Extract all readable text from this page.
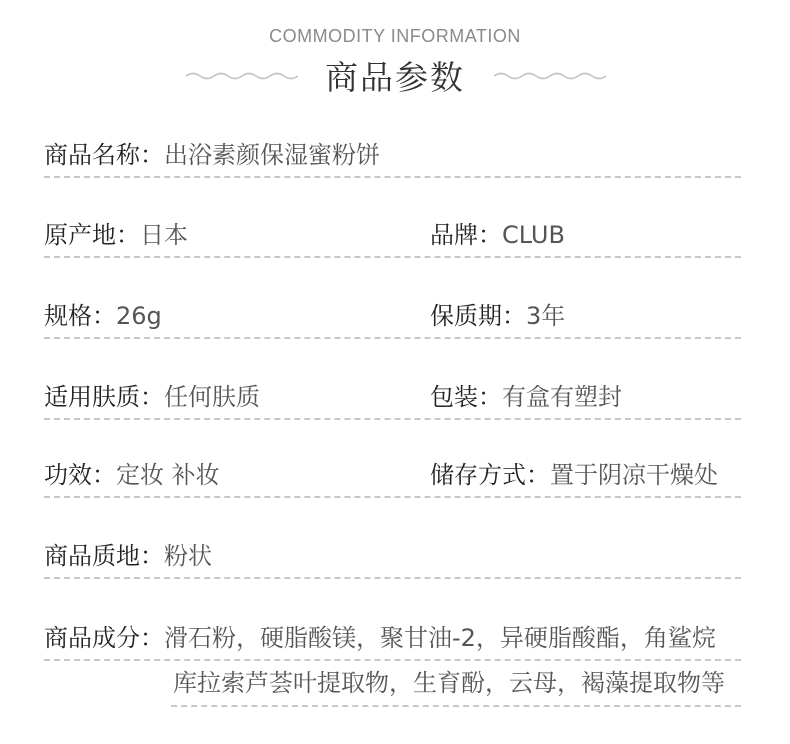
COMMODITY INFORMATION
商品参数
商品名称：出浴素颜保湿蜜粉饼
原产地：日本	品牌：CLUB
规格：26g	保质期：3年
适用肤质：任何肤质	包装：有盒有塑封
功效：定妆 补妆	储存方式：置于阴凉干燥处
商品质地：粉状
商品成分：滑石粉，硬脂酸镁，聚甘油-2，异硬脂酸酯，角鲨烷
库拉索芦荟叶提取物，生育酚，云母，褐藻提取物等
